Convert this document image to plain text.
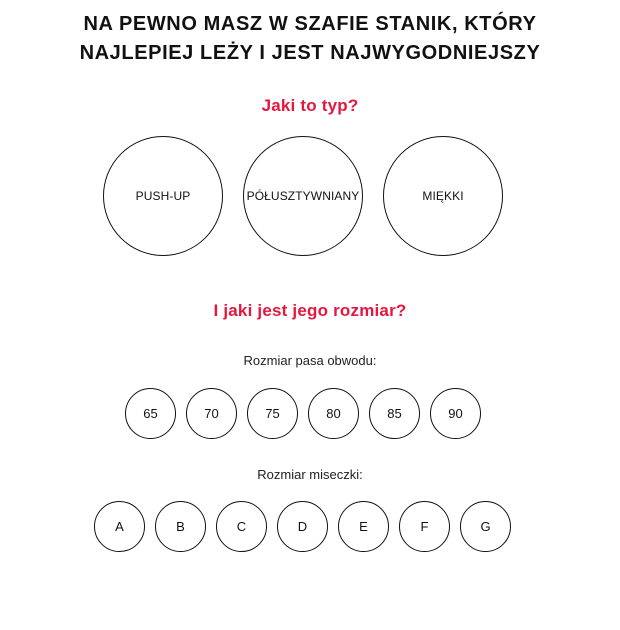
NA PEWNO MASZ W SZAFIE STANIK, KTÓRY
NAJLEPIEJ LEŻY I JEST NAJWYGODNIEJSZY
Jaki to typ?
PUSH-UP	PÓŁUSZTYWNIANY	MIĘKKI
I jaki jest jego rozmiar?
Rozmiar pasa obwodu:
65	70	75	80	85	90
Rozmiar miseczki:
A	B	C	D	E	F	G
